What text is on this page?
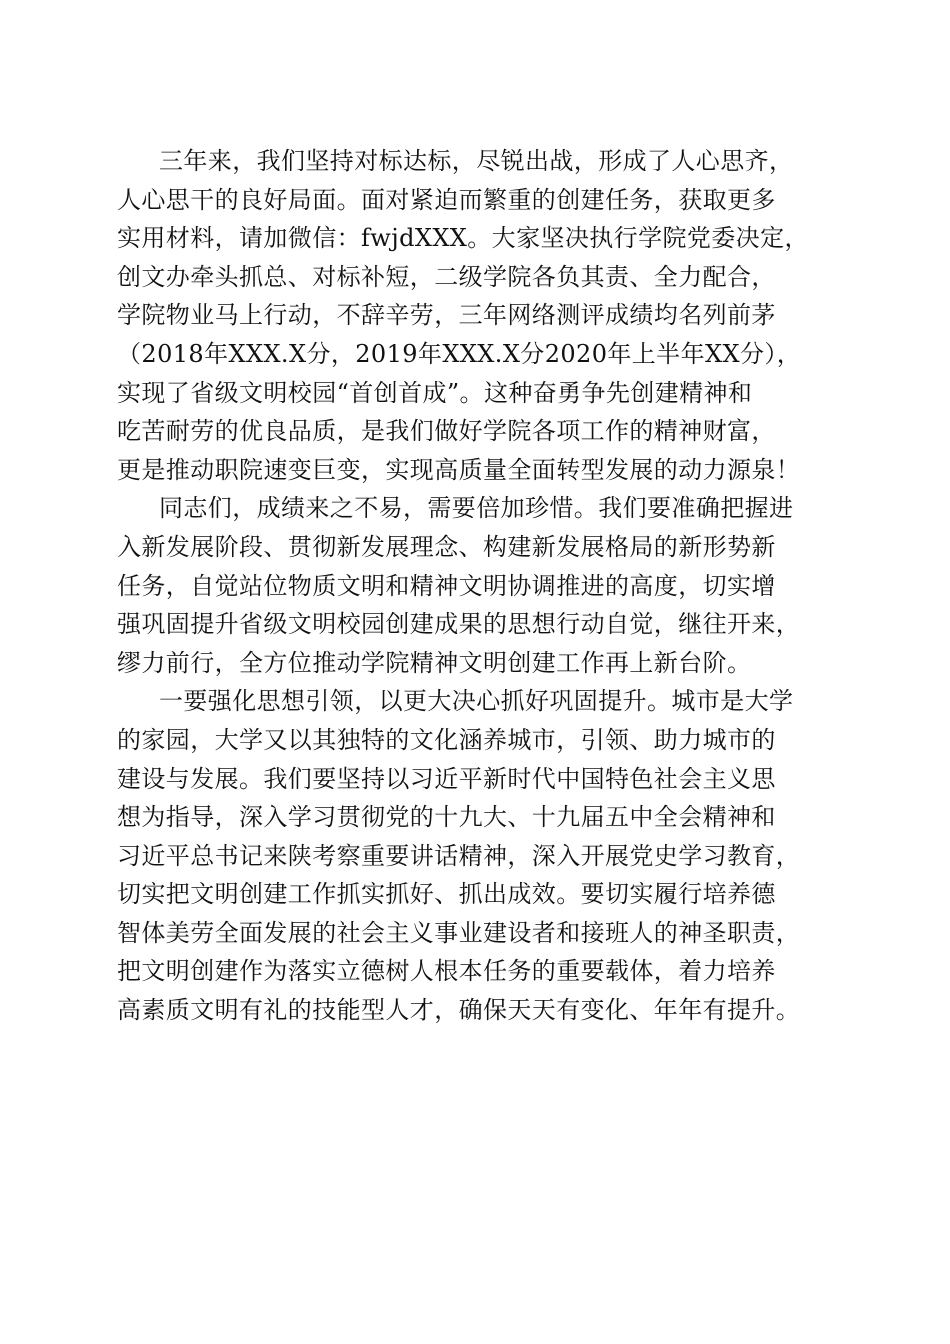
三年来，我们坚持对标达标，尽锐出战，形成了人心思齐，
人心思干的良好局面。面对紧迫而繁重的创建任务，获取更多
实用材料，请加微信：fwjdXXX。大家坚决执行学院党委决定，
创文办牵头抓总、对标补短，二级学院各负其责、全力配合，
学院物业马上行动，不辞辛劳，三年网络测评成绩均名列前茅
（2018年XXX.X分，2019年XXX.X分2020年上半年XX分），
实现了省级文明校园“首创首成”。这种奋勇争先创建精神和
吃苦耐劳的优良品质，是我们做好学院各项工作的精神财富，
更是推动职院速变巨变，实现高质量全面转型发展的动力源泉！
同志们，成绩来之不易，需要倍加珍惜。我们要准确把握进
入新发展阶段、贯彻新发展理念、构建新发展格局的新形势新
任务，自觉站位物质文明和精神文明协调推进的高度，切实增
强巩固提升省级文明校园创建成果的思想行动自觉，继往开来，
缪力前行，全方位推动学院精神文明创建工作再上新台阶。
一要强化思想引领，以更大决心抓好巩固提升。城市是大学
的家园，大学又以其独特的文化涵养城市，引领、助力城市的
建设与发展。我们要坚持以习近平新时代中国特色社会主义思
想为指导，深入学习贯彻党的十九大、十九届五中全会精神和
习近平总书记来陕考察重要讲话精神，深入开展党史学习教育，
切实把文明创建工作抓实抓好、抓出成效。要切实履行培养德
智体美劳全面发展的社会主义事业建设者和接班人的神圣职责，
把文明创建作为落实立德树人根本任务的重要载体，着力培养
高素质文明有礼的技能型人才，确保天天有变化、年年有提升。
